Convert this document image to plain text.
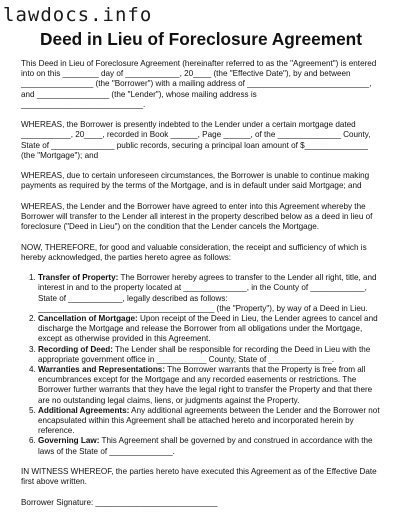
lawdocs.info
Deed in Lieu of Foreclosure Agreement

This Deed in Lieu of Foreclosure Agreement (hereinafter referred to as the "Agreement") is entered into on this ________ day of ____________, 20____ (the "Effective Date"), by and between ________________ (the "Borrower") with a mailing address of ___________________________, and ________________ (the "Lender"), whose mailing address is ___________________________.

WHEREAS, the Borrower is presently indebted to the Lender under a certain mortgage dated ___________, 20____, recorded in Book ______, Page ______, of the ______________ County, State of ______________ public records, securing a principal loan amount of $______________ (the "Mortgage"); and

WHEREAS, due to certain unforeseen circumstances, the Borrower is unable to continue making payments as required by the terms of the Mortgage, and is in default under said Mortgage; and

WHEREAS, the Lender and the Borrower have agreed to enter into this Agreement whereby the Borrower will transfer to the Lender all interest in the property described below as a deed in lieu of foreclosure ("Deed in Lieu") on the condition that the Lender cancels the Mortgage.

NOW, THEREFORE, for good and valuable consideration, the receipt and sufficiency of which is hereby acknowledged, the parties hereto agree as follows:

1. Transfer of Property: The Borrower hereby agrees to transfer to the Lender all right, title, and interest in and to the property located at ______________, in the County of ____________, State of ____________, legally described as follows: _______________________________________ (the "Property"), by way of a Deed in Lieu.
2. Cancellation of Mortgage: Upon receipt of the Deed in Lieu, the Lender agrees to cancel and discharge the Mortgage and release the Borrower from all obligations under the Mortgage, except as otherwise provided in this Agreement.
3. Recording of Deed: The Lender shall be responsible for recording the Deed in Lieu with the appropriate government office in ___________ County, State of ______________.
4. Warranties and Representations: The Borrower warrants that the Property is free from all encumbrances except for the Mortgage and any recorded easements or restrictions. The Borrower further warrants that they have the legal right to transfer the Property and that there are no outstanding legal claims, liens, or judgments against the Property.
5. Additional Agreements: Any additional agreements between the Lender and the Borrower not encapsulated within this Agreement shall be attached hereto and incorporated herein by reference.
6. Governing Law: This Agreement shall be governed by and construed in accordance with the laws of the State of ______________.

IN WITNESS WHEREOF, the parties hereto have executed this Agreement as of the Effective Date first above written.

Borrower Signature: ___________________________
